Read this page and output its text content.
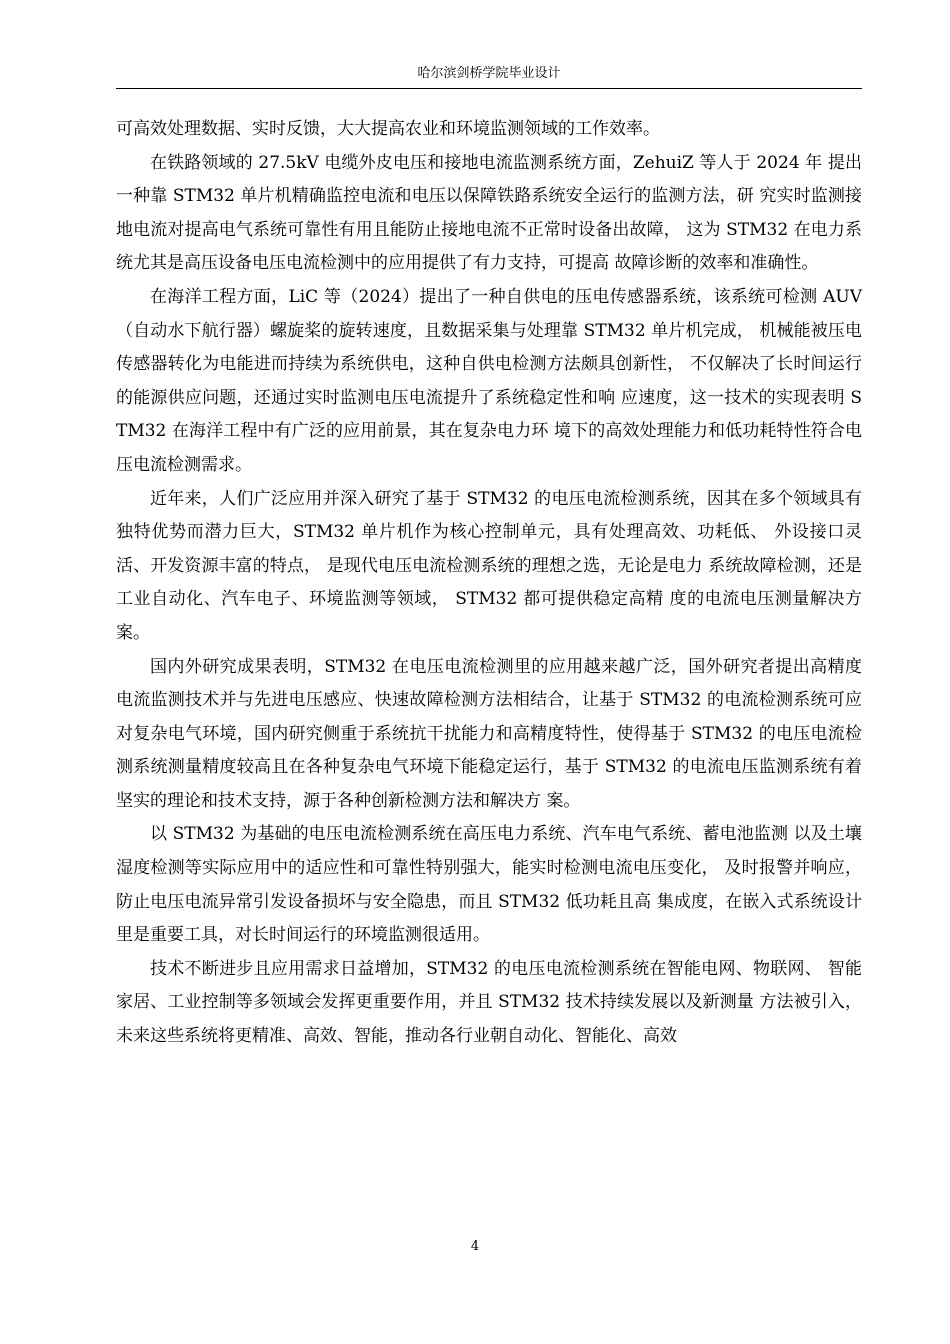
哈尔滨剑桥学院毕业设计

可高效处理数据、实时反馈，大大提高农业和环境监测领域的工作效率。

在铁路领域的 27.5kV 电缆外皮电压和接地电流监测系统方面，ZehuiZ 等人于 2024 年 提出一种靠 STM32 单片机精确监控电流和电压以保障铁路系统安全运行的监测方法，研 究实时监测接地电流对提高电气系统可靠性有用且能防止接地电流不正常时设备出故障， 这为 STM32 在电力系统尤其是高压设备电压电流检测中的应用提供了有力支持，可提高 故障诊断的效率和准确性。

在海洋工程方面，LiC 等（2024）提出了一种自供电的压电传感器系统，该系统可检测 AUV（自动水下航行器）螺旋桨的旋转速度，且数据采集与处理靠 STM32 单片机完成， 机械能被压电传感器转化为电能进而持续为系统供电，这种自供电检测方法颇具创新性， 不仅解决了长时间运行的能源供应问题，还通过实时监测电压电流提升了系统稳定性和响 应速度，这一技术的实现表明 STM32 在海洋工程中有广泛的应用前景，其在复杂电力环 境下的高效处理能力和低功耗特性符合电压电流检测需求。

近年来，人们广泛应用并深入研究了基于 STM32 的电压电流检测系统，因其在多个领域具有独特优势而潜力巨大，STM32 单片机作为核心控制单元，具有处理高效、功耗低、 外设接口灵活、开发资源丰富的特点， 是现代电压电流检测系统的理想之选，无论是电力 系统故障检测，还是工业自动化、汽车电子、环境监测等领域， STM32 都可提供稳定高精 度的电流电压测量解决方案。

国内外研究成果表明，STM32 在电压电流检测里的应用越来越广泛，国外研究者提出高精度电流监测技术并与先进电压感应、快速故障检测方法相结合，让基于 STM32 的电流检测系统可应对复杂电气环境，国内研究侧重于系统抗干扰能力和高精度特性，使得基于 STM32 的电压电流检测系统测量精度较高且在各种复杂电气环境下能稳定运行，基于 STM32 的电流电压监测系统有着坚实的理论和技术支持，源于各种创新检测方法和解决方 案。

以 STM32 为基础的电压电流检测系统在高压电力系统、汽车电气系统、蓄电池监测 以及土壤湿度检测等实际应用中的适应性和可靠性特别强大，能实时检测电流电压变化， 及时报警并响应，防止电压电流异常引发设备损坏与安全隐患，而且 STM32 低功耗且高 集成度，在嵌入式系统设计里是重要工具，对长时间运行的环境监测很适用。

技术不断进步且应用需求日益增加，STM32 的电压电流检测系统在智能电网、物联网、 智能家居、工业控制等多领域会发挥更重要作用，并且 STM32 技术持续发展以及新测量 方法被引入，未来这些系统将更精准、高效、智能，推动各行业朝自动化、智能化、高效

4
